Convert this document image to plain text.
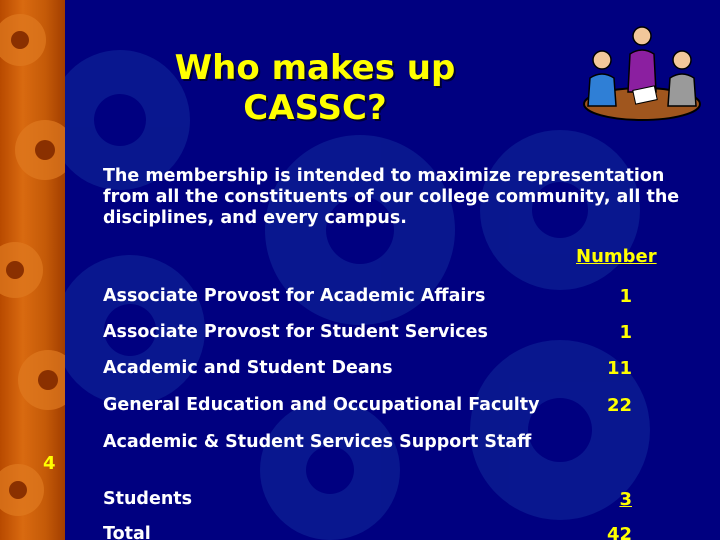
Who makes up CASSC?
The membership is intended to maximize representation from all the constituents of our college community, all the disciplines, and every campus.
Number
Associate Provost for Academic Affairs	1
Associate Provost for Student Services	1
Academic and Student Deans	11
General Education and Occupational Faculty	22
Academic & Student Services Support Staff
4
Students	3
Total	42
